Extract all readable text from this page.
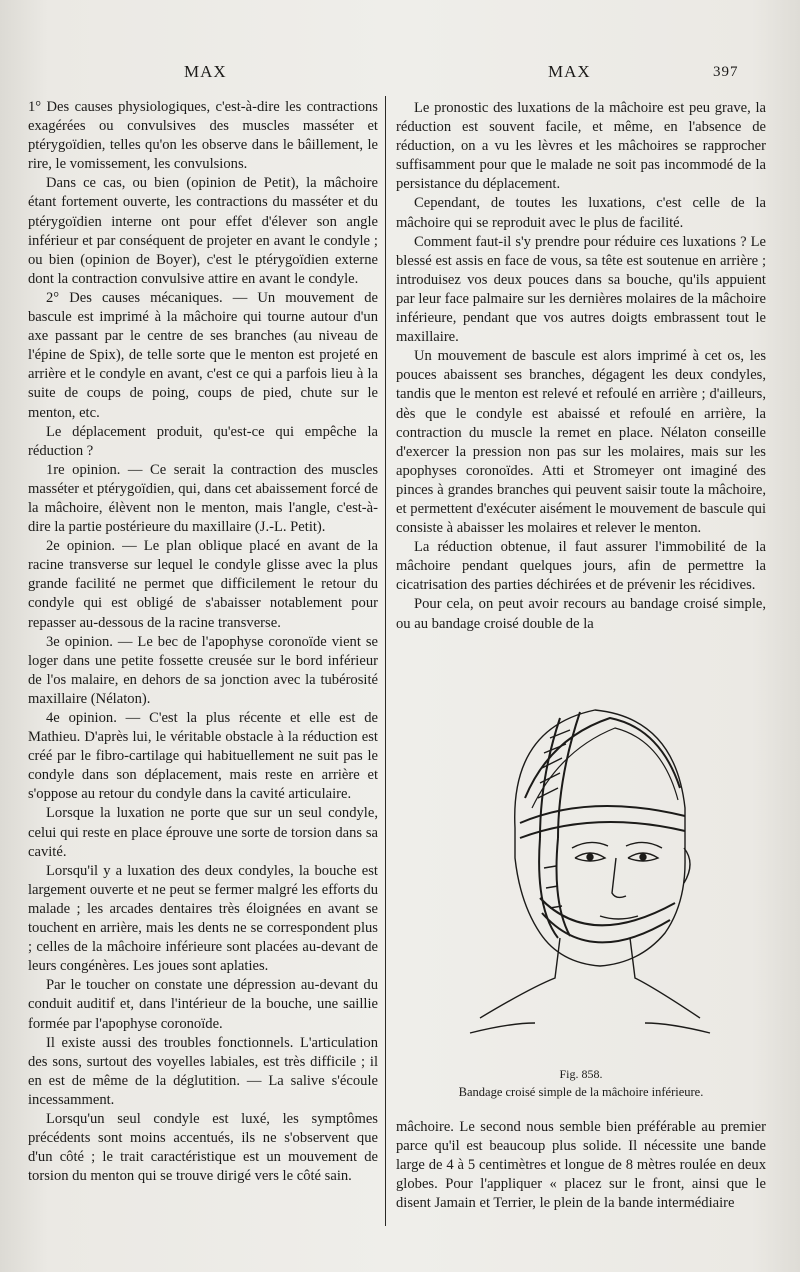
MAX	MAX	397

1° Des causes physiologiques, c'est-à-dire les contractions exagérées ou convulsives des muscles masséter et ptérygoïdien, telles qu'on les observe dans le bâillement, le rire, le vomissement, les convulsions.

Dans ce cas, ou bien (opinion de Petit), la mâchoire étant fortement ouverte, les contractions du masséter et du ptérygoïdien interne ont pour effet d'élever son angle inférieur et par conséquent de projeter en avant le condyle ; ou bien (opinion de Boyer), c'est le ptérygoïdien externe dont la contraction convulsive attire en avant le condyle.

2° Des causes mécaniques. — Un mouvement de bascule est imprimé à la mâchoire qui tourne autour d'un axe passant par le centre de ses branches (au niveau de l'épine de Spix), de telle sorte que le menton est projeté en arrière et le condyle en avant, c'est ce qui a parfois lieu à la suite de coups de poing, coups de pied, chute sur le menton, etc.

Le déplacement produit, qu'est-ce qui empêche la réduction ?

1re opinion. — Ce serait la contraction des muscles masséter et ptérygoïdien, qui, dans cet abaissement forcé de la mâchoire, élèvent non le menton, mais l'angle, c'est-à-dire la partie postérieure du maxillaire (J.-L. Petit).

2e opinion. — Le plan oblique placé en avant de la racine transverse sur lequel le condyle glisse avec la plus grande facilité ne permet que difficilement le retour du condyle qui est obligé de s'abaisser notablement pour repasser au-dessous de la racine transverse.

3e opinion. — Le bec de l'apophyse coronoïde vient se loger dans une petite fossette creusée sur le bord inférieur de l'os malaire, en dehors de sa jonction avec la tubérosité maxillaire (Nélaton).

4e opinion. — C'est la plus récente et elle est de Mathieu. D'après lui, le véritable obstacle à la réduction est créé par le fibro-cartilage qui habituellement ne suit pas le condyle dans son déplacement, mais reste en arrière et s'oppose au retour du condyle dans la cavité articulaire.

Lorsque la luxation ne porte que sur un seul condyle, celui qui reste en place éprouve une sorte de torsion dans sa cavité.

Lorsqu'il y a luxation des deux condyles, la bouche est largement ouverte et ne peut se fermer malgré les efforts du malade ; les arcades dentaires très éloignées en avant se touchent en arrière, mais les dents ne se correspondent plus ; celles de la mâchoire inférieure sont placées au-devant de leurs congénères. Les joues sont aplaties.

Par le toucher on constate une dépression au-devant du conduit auditif et, dans l'intérieur de la bouche, une saillie formée par l'apophyse coronoïde.

Il existe aussi des troubles fonctionnels. L'articulation des sons, surtout des voyelles labiales, est très difficile ; il en est de même de la déglutition. — La salive s'écoule incessamment.

Lorsqu'un seul condyle est luxé, les symptômes précédents sont moins accentués, ils ne s'observent que d'un côté ; le trait caractéristique est un mouvement de torsion du menton qui se trouve dirigé vers le côté sain.

Le pronostic des luxations de la mâchoire est peu grave, la réduction est souvent facile, et même, en l'absence de réduction, on a vu les lèvres et les mâchoires se rapprocher suffisamment pour que le malade ne soit pas incommodé de la persistance du déplacement.

Cependant, de toutes les luxations, c'est celle de la mâchoire qui se reproduit avec le plus de facilité.

Comment faut-il s'y prendre pour réduire ces luxations ? Le blessé est assis en face de vous, sa tête est soutenue en arrière ; introduisez vos deux pouces dans sa bouche, qu'ils appuient par leur face palmaire sur les dernières molaires de la mâchoire inférieure, pendant que vos autres doigts embrassent tout le maxillaire.

Un mouvement de bascule est alors imprimé à cet os, les pouces abaissent ses branches, dégagent les deux condyles, tandis que le menton est relevé et refoulé en arrière ; d'ailleurs, dès que le condyle est abaissé et refoulé en arrière, la contraction du muscle la remet en place. Nélaton conseille d'exercer la pression non pas sur les molaires, mais sur les apophyses coronoïdes. Atti et Stromeyer ont imaginé des pinces à grandes branches qui peuvent saisir toute la mâchoire, et permettent d'exécuter aisément le mouvement de bascule qui consiste à abaisser les molaires et relever le menton.

La réduction obtenue, il faut assurer l'immobilité de la mâchoire pendant quelques jours, afin de permettre la cicatrisation des parties déchirées et de prévenir les récidives.

Pour cela, on peut avoir recours au bandage croisé simple, ou au bandage croisé double de la

Fig. 858.
Bandage croisé simple de la mâchoire inférieure.

mâchoire. Le second nous semble bien préférable au premier parce qu'il est beaucoup plus solide. Il nécessite une bande large de 4 à 5 centimètres et longue de 8 mètres roulée en deux globes. Pour l'appliquer « placez sur le front, ainsi que le disent Jamain et Terrier, le plein de la bande intermédiaire
